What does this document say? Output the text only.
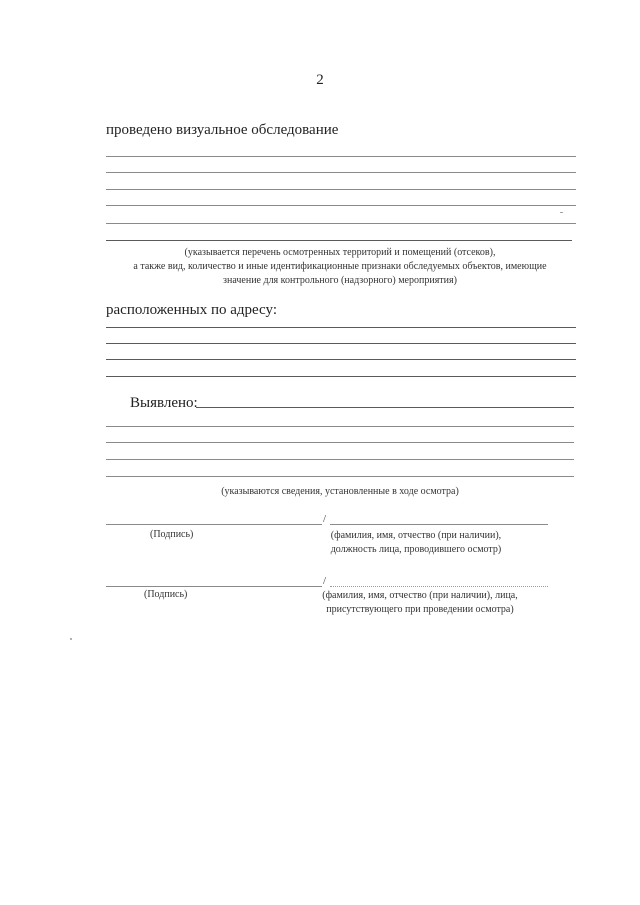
2
проведено визуальное обследование
(указывается перечень осмотренных территорий и помещений (отсеков),
а также вид, количество и иные идентификационные признаки обследуемых объектов, имеющие
значение для контрольного (надзорного) мероприятия)
расположенных по адресу:
Выявлено:
(указываются сведения, установленные в ходе осмотра)
/
(Подпись)	(фамилия, имя, отчество (при наличии),
должность лица, проводившего осмотр)
/
(Подпись)	(фамилия, имя, отчество (при наличии), лица,
присутствующего при проведении осмотра)
